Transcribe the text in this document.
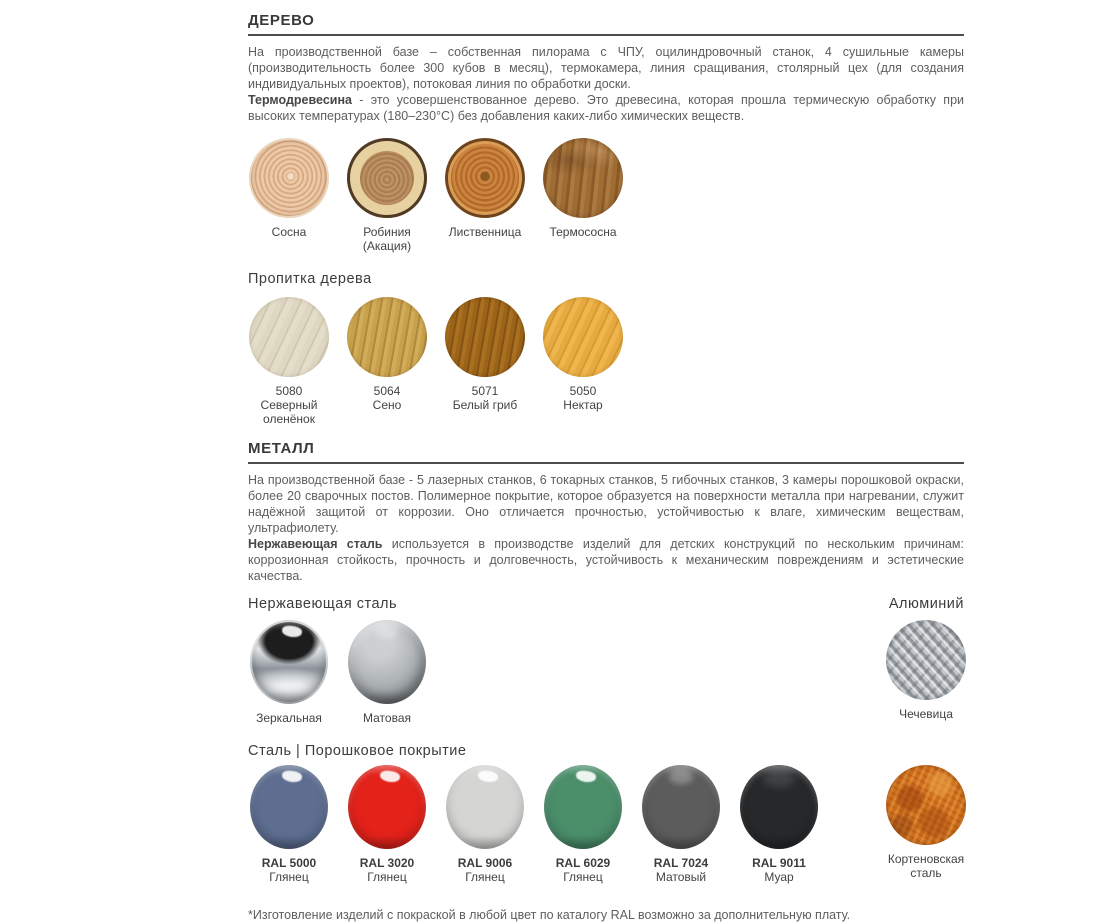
ДЕРЕВО

На производственной базе – собственная пилорама с ЧПУ, оцилиндровочный станок, 4 сушильные камеры (производительность более 300 кубов в месяц), термокамера, линия сращивания, столярный цех (для создания индивидуальных проектов), потоковая линия по обработки доски.

Термодревесина - это усовершенствованное дерево. Это древесина, которая прошла термическую обработку при высоких температурах (180–230°C) без добавления каких-либо химических веществ.

Сосна	Робиния (Акация)
Лиственница Термососна
Пропитка дерева
5080
Северный оленёнок
5064
Сено
5071
Белый гриб
5050
Нектар
МЕТАЛЛ

На производственной базе - 5 лазерных станков, 6 токарных станков, 5 гибочных станков, 3 камеры порошковой окраски, более 20 сварочных постов. Полимерное покрытие, которое образуется на поверхности металла при нагревании, служит надёжной защитой от коррозии. Оно отличается прочностью, устойчивостью к влаге, химическим веществам, ультрафиолету.

Нержавеющая сталь используется в производстве изделий для детских конструкций по нескольким причинам: коррозионная стойкость, прочность и долговечность, устойчивость к механическим повреждениям и эстетические качества.

Нержавеющая сталь	Алюминий
Зеркальная	Матовая	Чечевица
Сталь | Порошковое покрытие
RAL 5000
Глянец
RAL 3020
Глянец
RAL 9006
Глянец
RAL 6029
Глянец
RAL 7024
Матовый
RAL 9011
Муар
Кортеновская сталь
*Изготовление изделий с покраской в любой цвет по каталогу RAL возможно за дополнительную плату.
